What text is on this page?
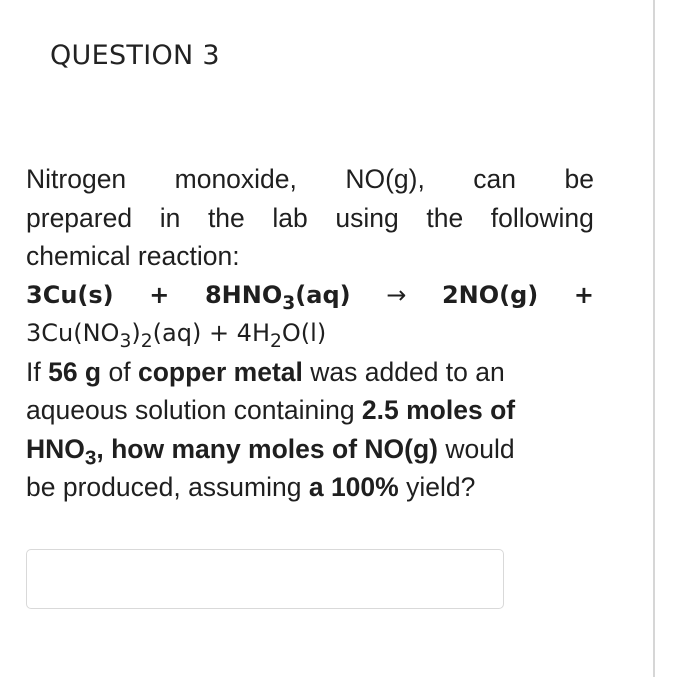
QUESTION 3
Nitrogen monoxide, NO(g), can be
prepared in the lab using the following
chemical reaction:
$3Cu(s) + 8HNO_3(aq) \to 2NO(g)$ +
$3Cu(NO_3)_2(aq) + 4H_2O(l)$
If 56 g of copper metal was added to an
aqueous solution containing 2.5 moles of
$HNO_3$, how many moles of NO(g) would
be produced, assuming a 100% yield?
